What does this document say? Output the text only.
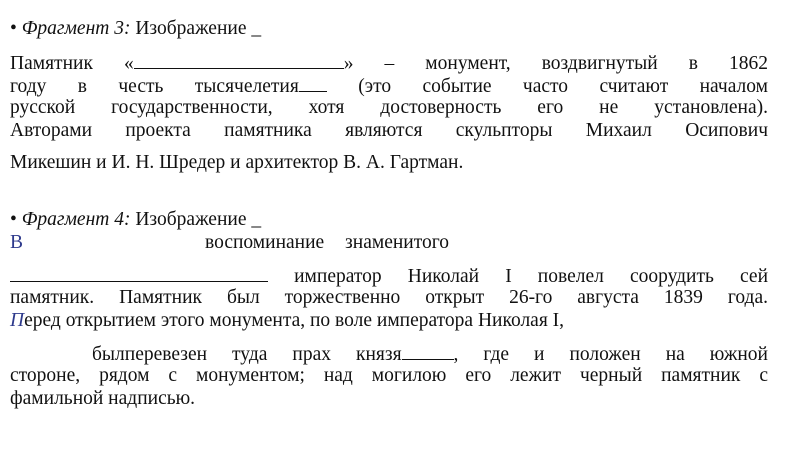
• Фрагмент 3: Изображение _
Памятник «	» – монумент, воздвигнутый в 1862
году в честь тысячелетия	(это событие часто считают началом
русской государственности, хотя достоверность его не установлена).
Авторами проекта памятника являются скульпторы Михаил Осипович
Микешин и И. Н. Шредер и архитектор В. А. Гартман.
• Фрагмент 4: Изображение _
В	воспоминание знаменитого
император Николай I повелел соорудить сей
памятник. Памятник был торжественно открыт 26-го августа 1839 года.
Перед открытием этого монумента, по воле императора Николая I,
былперевезен туда прах князя	, где и положен на южной
стороне, рядом с монументом; над могилою его лежит черный памятник с
фамильной надписью.
